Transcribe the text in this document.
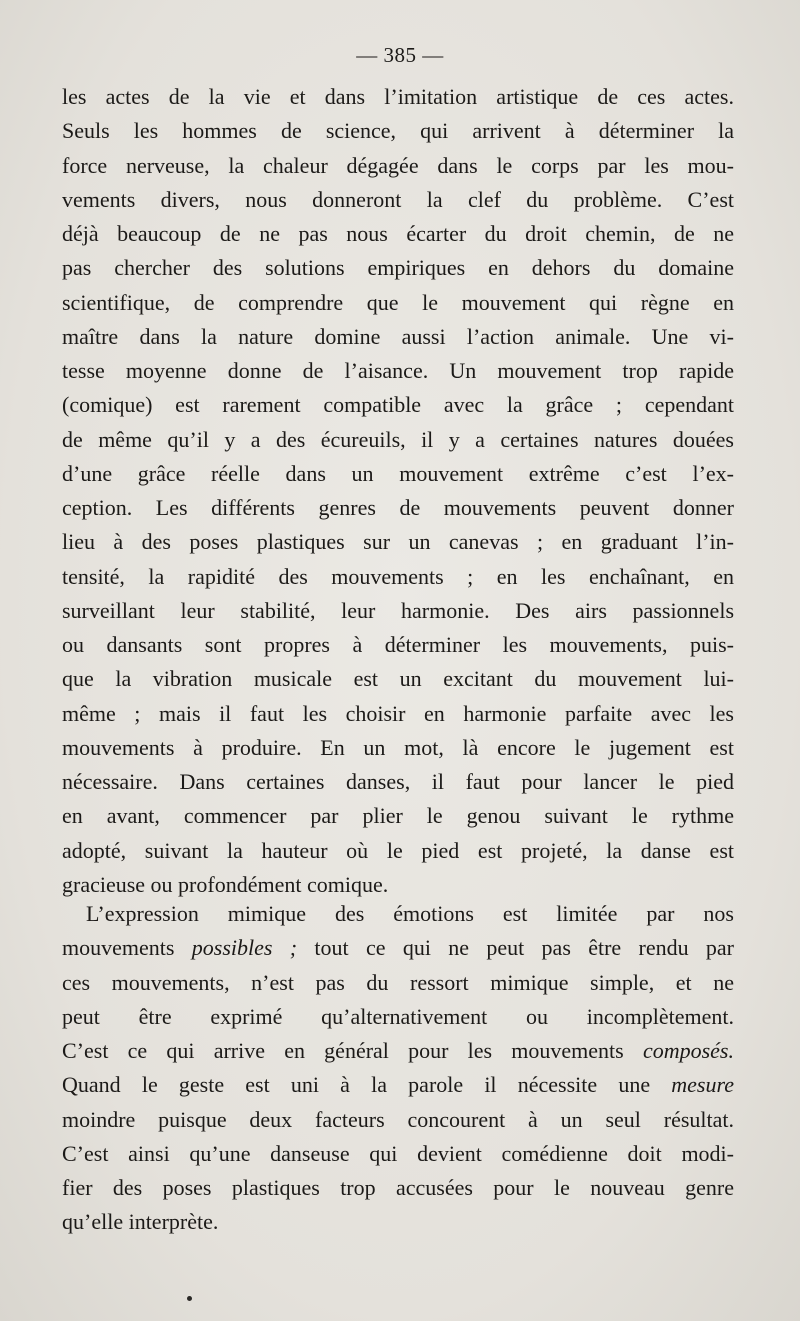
— 385 —
les actes de la vie et dans l’imitation artistique de ces actes.
Seuls les hommes de science, qui arrivent à déterminer la
force nerveuse, la chaleur dégagée dans le corps par les mou-
vements divers, nous donneront la clef du problème. C’est
déjà beaucoup de ne pas nous écarter du droit chemin, de ne
pas chercher des solutions empiriques en dehors du domaine
scientifique, de comprendre que le mouvement qui règne en
maître dans la nature domine aussi l’action animale. Une vi-
tesse moyenne donne de l’aisance. Un mouvement trop rapide
(comique) est rarement compatible avec la grâce ; cependant
de même qu’il y a des écureuils, il y a certaines natures douées
d’une grâce réelle dans un mouvement extrême c’est l’ex-
ception. Les différents genres de mouvements peuvent donner
lieu à des poses plastiques sur un canevas ; en graduant l’in-
tensité, la rapidité des mouvements ; en les enchaînant, en
surveillant leur stabilité, leur harmonie. Des airs passionnels
ou dansants sont propres à déterminer les mouvements, puis-
que la vibration musicale est un excitant du mouvement lui-
même ; mais il faut les choisir en harmonie parfaite avec les
mouvements à produire. En un mot, là encore le jugement est
nécessaire. Dans certaines danses, il faut pour lancer le pied
en avant, commencer par plier le genou suivant le rythme
adopté, suivant la hauteur où le pied est projeté, la danse est
gracieuse ou profondément comique.
L’expression mimique des émotions est limitée par nos
mouvements possibles ; tout ce qui ne peut pas être rendu par
ces mouvements, n’est pas du ressort mimique simple, et ne
peut être exprimé qu’alternativement ou incomplètement.
C’est ce qui arrive en général pour les mouvements composés.
Quand le geste est uni à la parole il nécessite une mesure
moindre puisque deux facteurs concourent à un seul résultat.
C’est ainsi qu’une danseuse qui devient comédienne doit modi-
fier des poses plastiques trop accusées pour le nouveau genre
qu’elle interprète.
